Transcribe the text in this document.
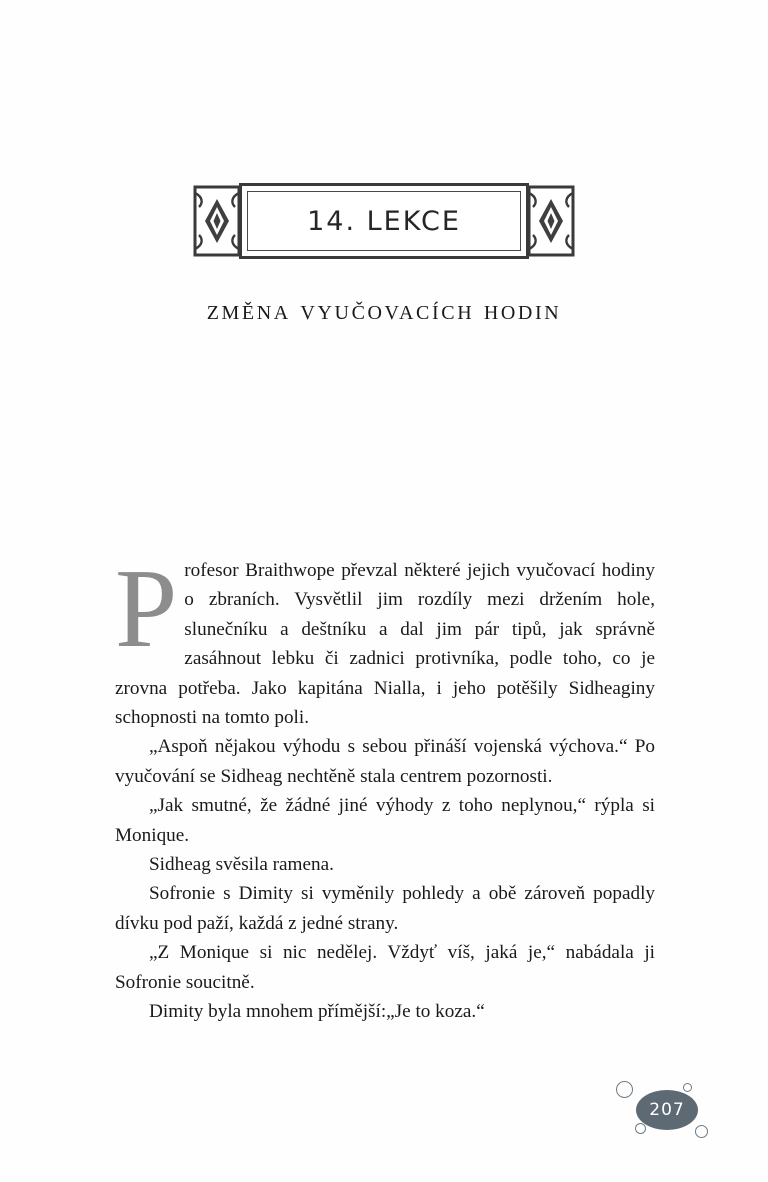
14. LEKCE
změna vyučovacích hodin

Profesor Braithwope převzal některé jejich vyučovací hodiny o zbraních. Vysvětlil jim rozdíly mezi držením hole, slunečníku a deštníku a dal jim pár tipů, jak správně zasáhnout lebku či zadnici protivníka, podle toho, co je zrovna potřeba. Jako kapitána Nialla, i jeho potěšily Sidheaginy schopnosti na tomto poli.

„Aspoň nějakou výhodu s sebou přináší vojenská výchova.“ Po vyučování se Sidheag nechtěně stala centrem pozornosti.

„Jak smutné, že žádné jiné výhody z toho neplynou,“ rýpla si Monique.

Sidheag svěsila ramena.

Sofronie s Dimity si vyměnily pohledy a obě zároveň popadly dívku pod paží, každá z jedné strany.

„Z Monique si nic nedělej. Vždyť víš, jaká je,“ nabádala ji Sofronie soucitně.

Dimity byla mnohem přímější:„Je to koza.“

207
